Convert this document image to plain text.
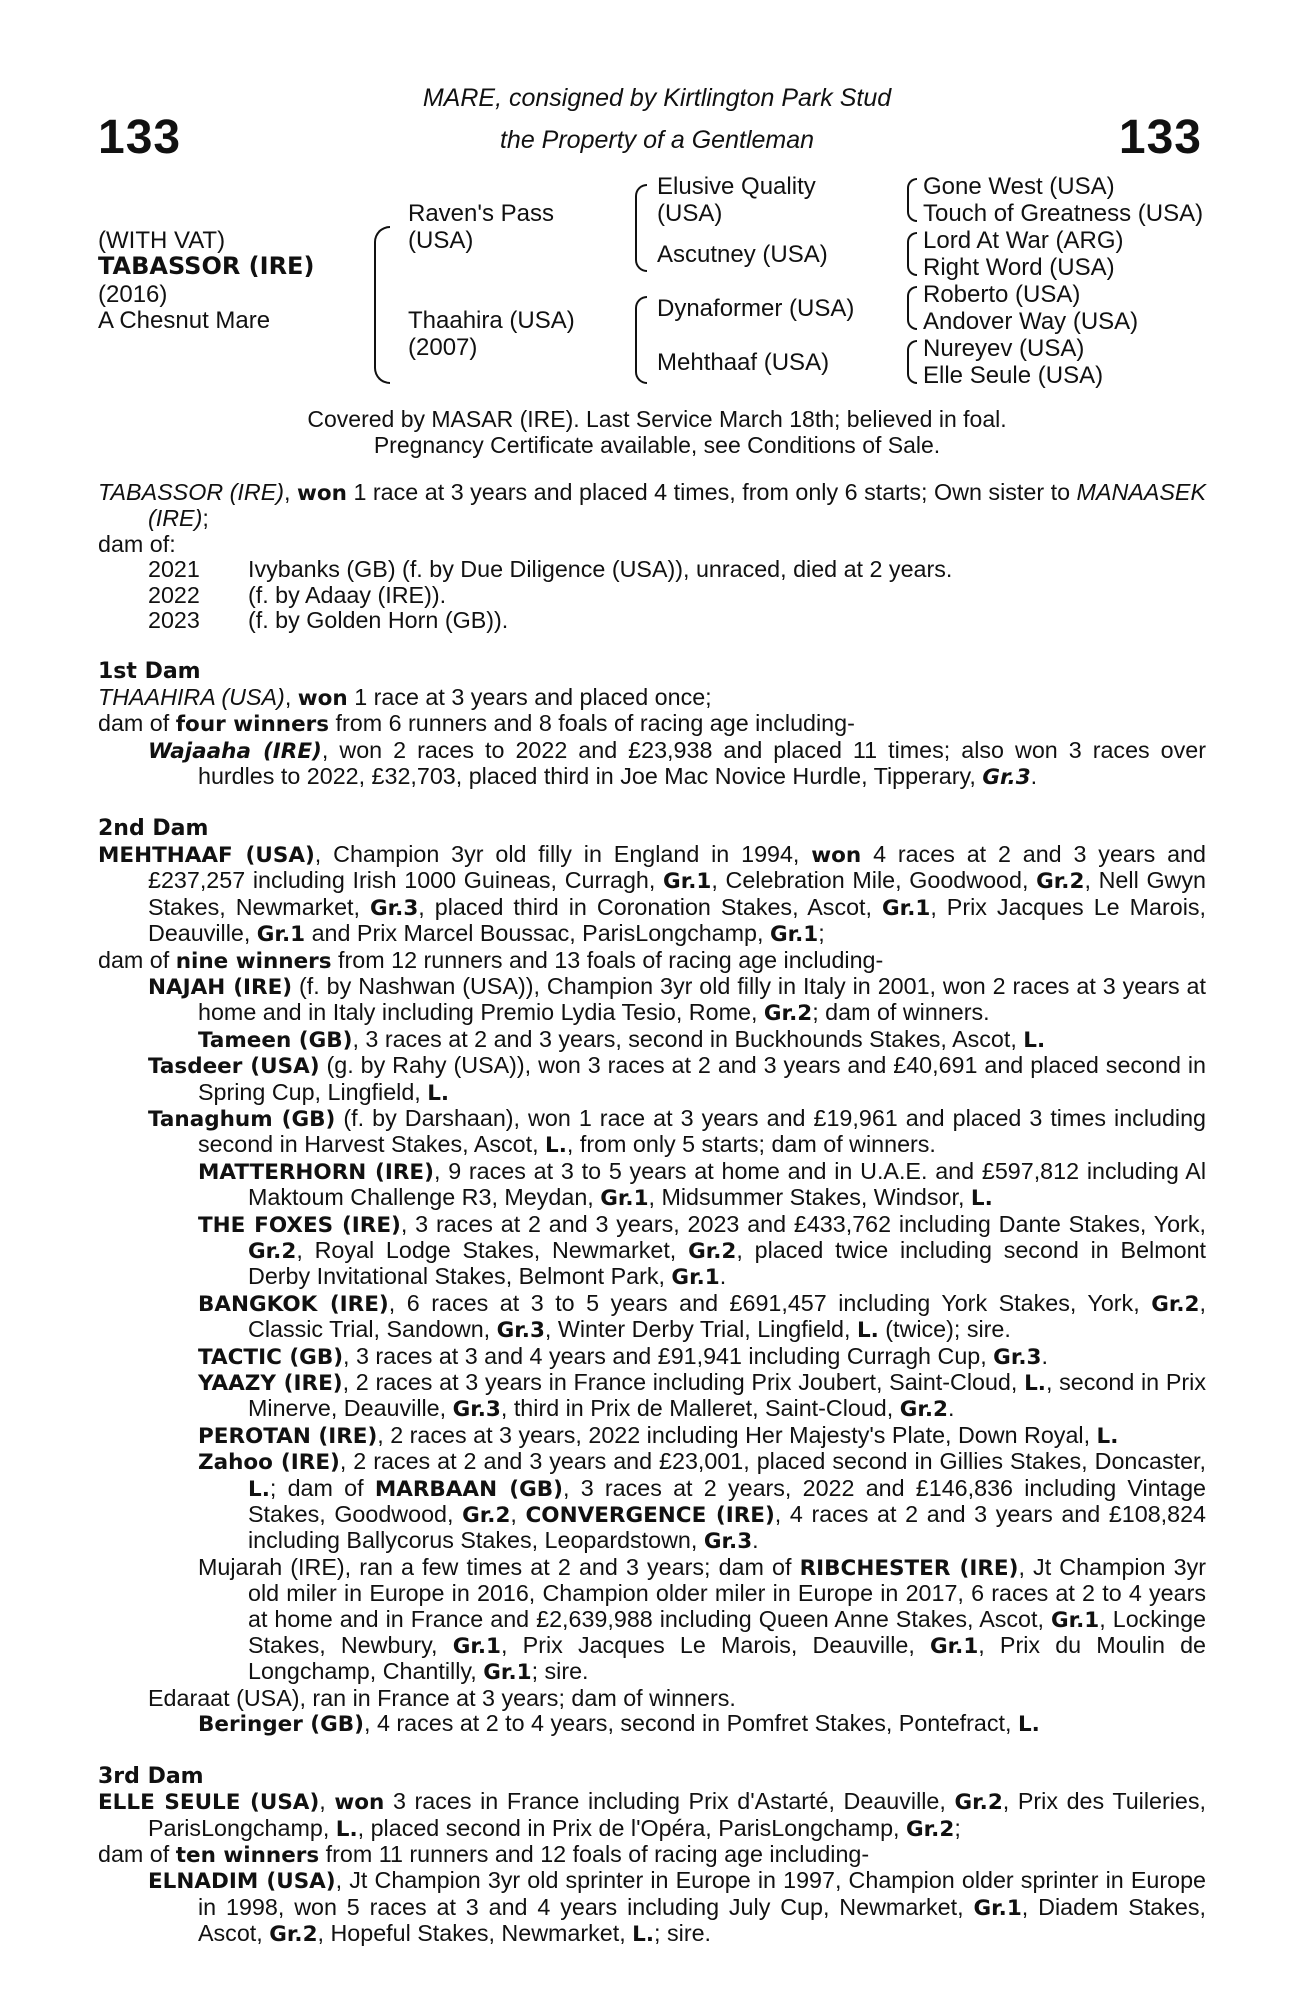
133	133
MARE, consigned by Kirtlington Park Stud
the Property of a Gentleman
(WITH VAT)
TABASSOR (IRE)
(2016)
A Chesnut Mare
Raven's Pass
(USA)
Thaahira (USA)
(2007)
Elusive Quality
(USA)
Ascutney (USA)
Dynaformer (USA)
Mehthaaf (USA)
Gone West (USA)
Touch of Greatness (USA)
Lord At War (ARG)
Right Word (USA)
Roberto (USA)
Andover Way (USA)
Nureyev (USA)
Elle Seule (USA)
Covered by MASAR (IRE). Last Service March 18th; believed in foal.
Pregnancy Certificate available, see Conditions of Sale.

TABASSOR (IRE), won 1 race at 3 years and placed 4 times, from only 6 starts; Own sister to MANAASEK (IRE);

dam of:

2021	Ivybanks (GB) (f. by Due Diligence (USA)), unraced, died at 2 years.
2022	(f. by Adaay (IRE)).
2023	(f. by Golden Horn (GB)).

1st Dam

THAAHIRA (USA), won 1 race at 3 years and placed once;

dam of four winners from 6 runners and 8 foals of racing age including-

Wajaaha (IRE), won 2 races to 2022 and £23,938 and placed 11 times; also won 3 races over hurdles to 2022, £32,703, placed third in Joe Mac Novice Hurdle, Tipperary, Gr.3.

2nd Dam

MEHTHAAF (USA), Champion 3yr old filly in England in 1994, won 4 races at 2 and 3 years and £237,257 including Irish 1000 Guineas, Curragh, Gr.1, Celebration Mile, Goodwood, Gr.2, Nell Gwyn Stakes, Newmarket, Gr.3, placed third in Coronation Stakes, Ascot, Gr.1, Prix Jacques Le Marois, Deauville, Gr.1 and Prix Marcel Boussac, ParisLongchamp, Gr.1;

dam of nine winners from 12 runners and 13 foals of racing age including-

NAJAH (IRE) (f. by Nashwan (USA)), Champion 3yr old filly in Italy in 2001, won 2 races at 3 years at home and in Italy including Premio Lydia Tesio, Rome, Gr.2; dam of winners.

Tameen (GB), 3 races at 2 and 3 years, second in Buckhounds Stakes, Ascot, L.

Tasdeer (USA) (g. by Rahy (USA)), won 3 races at 2 and 3 years and £40,691 and placed second in Spring Cup, Lingfield, L.

Tanaghum (GB) (f. by Darshaan), won 1 race at 3 years and £19,961 and placed 3 times including second in Harvest Stakes, Ascot, L., from only 5 starts; dam of winners.

MATTERHORN (IRE), 9 races at 3 to 5 years at home and in U.A.E. and £597,812 including Al Maktoum Challenge R3, Meydan, Gr.1, Midsummer Stakes, Windsor, L.

THE FOXES (IRE), 3 races at 2 and 3 years, 2023 and £433,762 including Dante Stakes, York, Gr.2, Royal Lodge Stakes, Newmarket, Gr.2, placed twice including second in Belmont Derby Invitational Stakes, Belmont Park, Gr.1.

BANGKOK (IRE), 6 races at 3 to 5 years and £691,457 including York Stakes, York, Gr.2, Classic Trial, Sandown, Gr.3, Winter Derby Trial, Lingfield, L. (twice); sire.

TACTIC (GB), 3 races at 3 and 4 years and £91,941 including Curragh Cup, Gr.3.

YAAZY (IRE), 2 races at 3 years in France including Prix Joubert, Saint-Cloud, L., second in Prix Minerve, Deauville, Gr.3, third in Prix de Malleret, Saint-Cloud, Gr.2.

PEROTAN (IRE), 2 races at 3 years, 2022 including Her Majesty's Plate, Down Royal, L.

Zahoo (IRE), 2 races at 2 and 3 years and £23,001, placed second in Gillies Stakes, Doncaster, L.; dam of MARBAAN (GB), 3 races at 2 years, 2022 and £146,836 including Vintage Stakes, Goodwood, Gr.2, CONVERGENCE (IRE), 4 races at 2 and 3 years and £108,824 including Ballycorus Stakes, Leopardstown, Gr.3.

Mujarah (IRE), ran a few times at 2 and 3 years; dam of RIBCHESTER (IRE), Jt Champion 3yr old miler in Europe in 2016, Champion older miler in Europe in 2017, 6 races at 2 to 4 years at home and in France and £2,639,988 including Queen Anne Stakes, Ascot, Gr.1, Lockinge Stakes, Newbury, Gr.1, Prix Jacques Le Marois, Deauville, Gr.1, Prix du Moulin de Longchamp, Chantilly, Gr.1; sire.

Edaraat (USA), ran in France at 3 years; dam of winners.

Beringer (GB), 4 races at 2 to 4 years, second in Pomfret Stakes, Pontefract, L.

3rd Dam

ELLE SEULE (USA), won 3 races in France including Prix d'Astarté, Deauville, Gr.2, Prix des Tuileries, ParisLongchamp, L., placed second in Prix de l'Opéra, ParisLongchamp, Gr.2;

dam of ten winners from 11 runners and 12 foals of racing age including-

ELNADIM (USA), Jt Champion 3yr old sprinter in Europe in 1997, Champion older sprinter in Europe in 1998, won 5 races at 3 and 4 years including July Cup, Newmarket, Gr.1, Diadem Stakes, Ascot, Gr.2, Hopeful Stakes, Newmarket, L.; sire.
